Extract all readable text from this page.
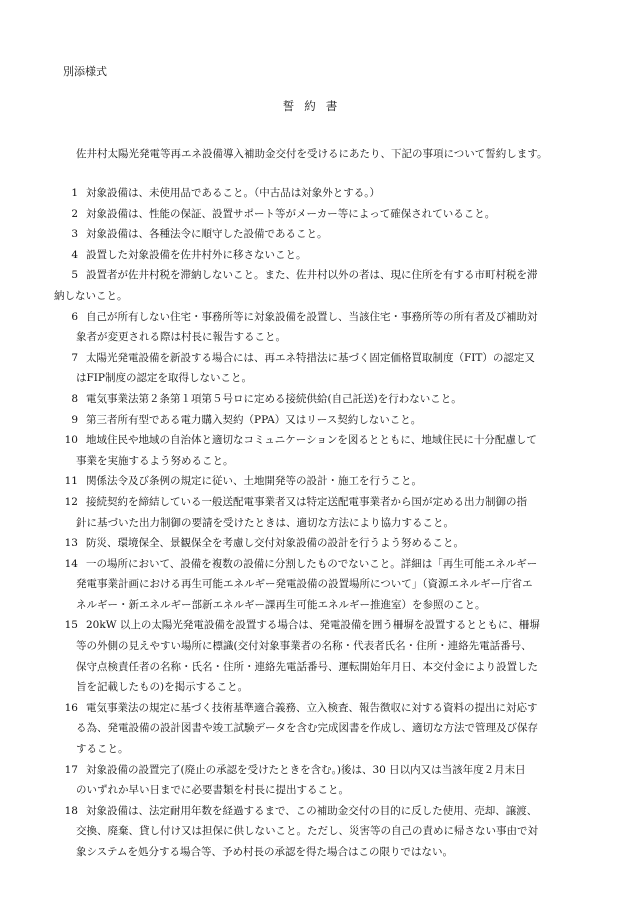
別添様式

誓約書

佐井村太陽光発電等再エネ設備導入補助金交付を受けるにあたり、下記の事項について誓約します。

1 対象設備は、未使用品であること。（中古品は対象外とする。）
2 対象設備は、性能の保証、設置サポート等がメーカー等によって確保されていること。
3 対象設備は、各種法令に順守した設備であること。
4 設置した対象設備を佐井村外に移さないこと。
5 設置者が佐井村税を滞納しないこと。また、佐井村以外の者は、現に住所を有する市町村税を滞
納しないこと。
6 自己が所有しない住宅・事務所等に対象設備を設置し、当該住宅・事務所等の所有者及び補助対
象者が変更される際は村長に報告すること。
7 太陽光発電設備を新設する場合には、再エネ特措法に基づく固定価格買取制度（FIT）の認定又
はFIP制度の認定を取得しないこと。
8 電気事業法第２条第１項第５号ロに定める接続供給(自己託送)を行わないこと。
9 第三者所有型である電力購入契約（PPA）又はリース契約しないこと。
10 地域住民や地域の自治体と適切なコミュニケーションを図るとともに、地域住民に十分配慮して
事業を実施するよう努めること。
11 関係法令及び条例の規定に従い、土地開発等の設計・施工を行うこと。
12 接続契約を締結している一般送配電事業者又は特定送配電事業者から国が定める出力制御の指
針に基づいた出力制御の要請を受けたときは、適切な方法により協力すること。
13 防災、環境保全、景観保全を考慮し交付対象設備の設計を行うよう努めること。
14 一の場所において、設備を複数の設備に分割したものでないこと。詳細は「再生可能エネルギー
発電事業計画における再生可能エネルギー発電設備の設置場所について」（資源エネルギー庁省エ
ネルギー・新エネルギー部新エネルギー課再生可能エネルギー推進室）を参照のこと。
15 20kW 以上の太陽光発電設備を設置する場合は、発電設備を囲う柵塀を設置するとともに、柵塀
等の外側の見えやすい場所に標識(交付対象事業者の名称・代表者氏名・住所・連絡先電話番号、
保守点検責任者の名称・氏名・住所・連絡先電話番号、運転開始年月日、本交付金により設置した
旨を記載したもの)を掲示すること。
16 電気事業法の規定に基づく技術基準適合義務、立入検査、報告徴収に対する資料の提出に対応す
る為、発電設備の設計図書や竣工試験データを含む完成図書を作成し、適切な方法で管理及び保存
すること。
17 対象設備の設置完了(廃止の承認を受けたときを含む。)後は、30 日以内又は当該年度２月末日
のいずれか早い日までに必要書類を村長に提出すること。
18 対象設備は、法定耐用年数を経過するまで、この補助金交付の目的に反した使用、売却、譲渡、
交換、廃棄、貸し付け又は担保に供しないこと。ただし、災害等の自己の責めに帰さない事由で対
象システムを処分する場合等、予め村長の承認を得た場合はこの限りではない。
